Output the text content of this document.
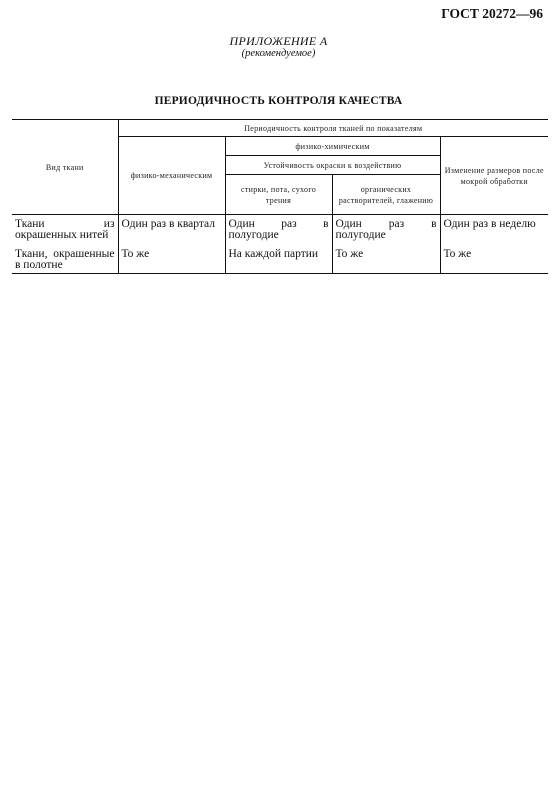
ГОСТ 20272—96
ПРИЛОЖЕНИЕ А
(рекомендуемое)
ПЕРИОДИЧНОСТЬ КОНТРОЛЯ КАЧЕСТВА
Вид ткани	Периодичность контроля тканей по показателям			
	физико-механическим	физико-химическим		Изменение размеров после мокрой обработки
		Устойчивость окраски к воздействию		
		стирки, пота, сухого трения	органических растворителей, глажению	
Ткани из окрашенных нитей	Один раз в квартал	Один раз в полугодие	Один раз в полугодие	Один раз в неделю
Ткани, окрашенные в полотне	То же	На каждой партии	То же	То же
